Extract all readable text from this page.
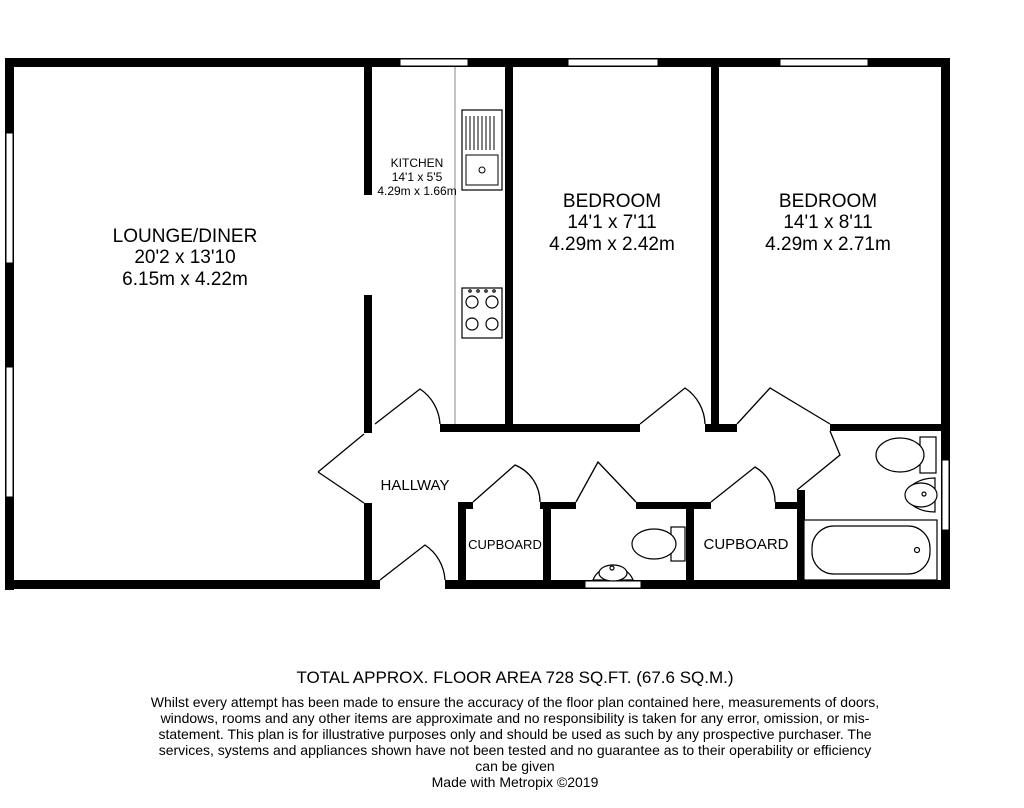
LOUNGE/DINER
20'2 x 13'10
6.15m x 4.22m
KITCHEN
14'1 x 5'5
4.29m x 1.66m
BEDROOM
14'1 x 7'11
4.29m x 2.42m
BEDROOM
14'1 x 8'11
4.29m x 2.71m
HALLWAY
CUPBOARD	CUPBOARD
TOTAL APPROX. FLOOR AREA 728 SQ.FT. (67.6 SQ.M.)
Whilst every attempt has been made to ensure the accuracy of the floor plan contained here, measurements of doors, windows, rooms and any other items are approximate and no responsibility is taken for any error, omission, or mis-statement. This plan is for illustrative purposes only and should be used as such by any prospective purchaser. The services, systems and appliances shown have not been tested and no guarantee as to their operability or efficiency can be given
Made with Metropix ©2019
